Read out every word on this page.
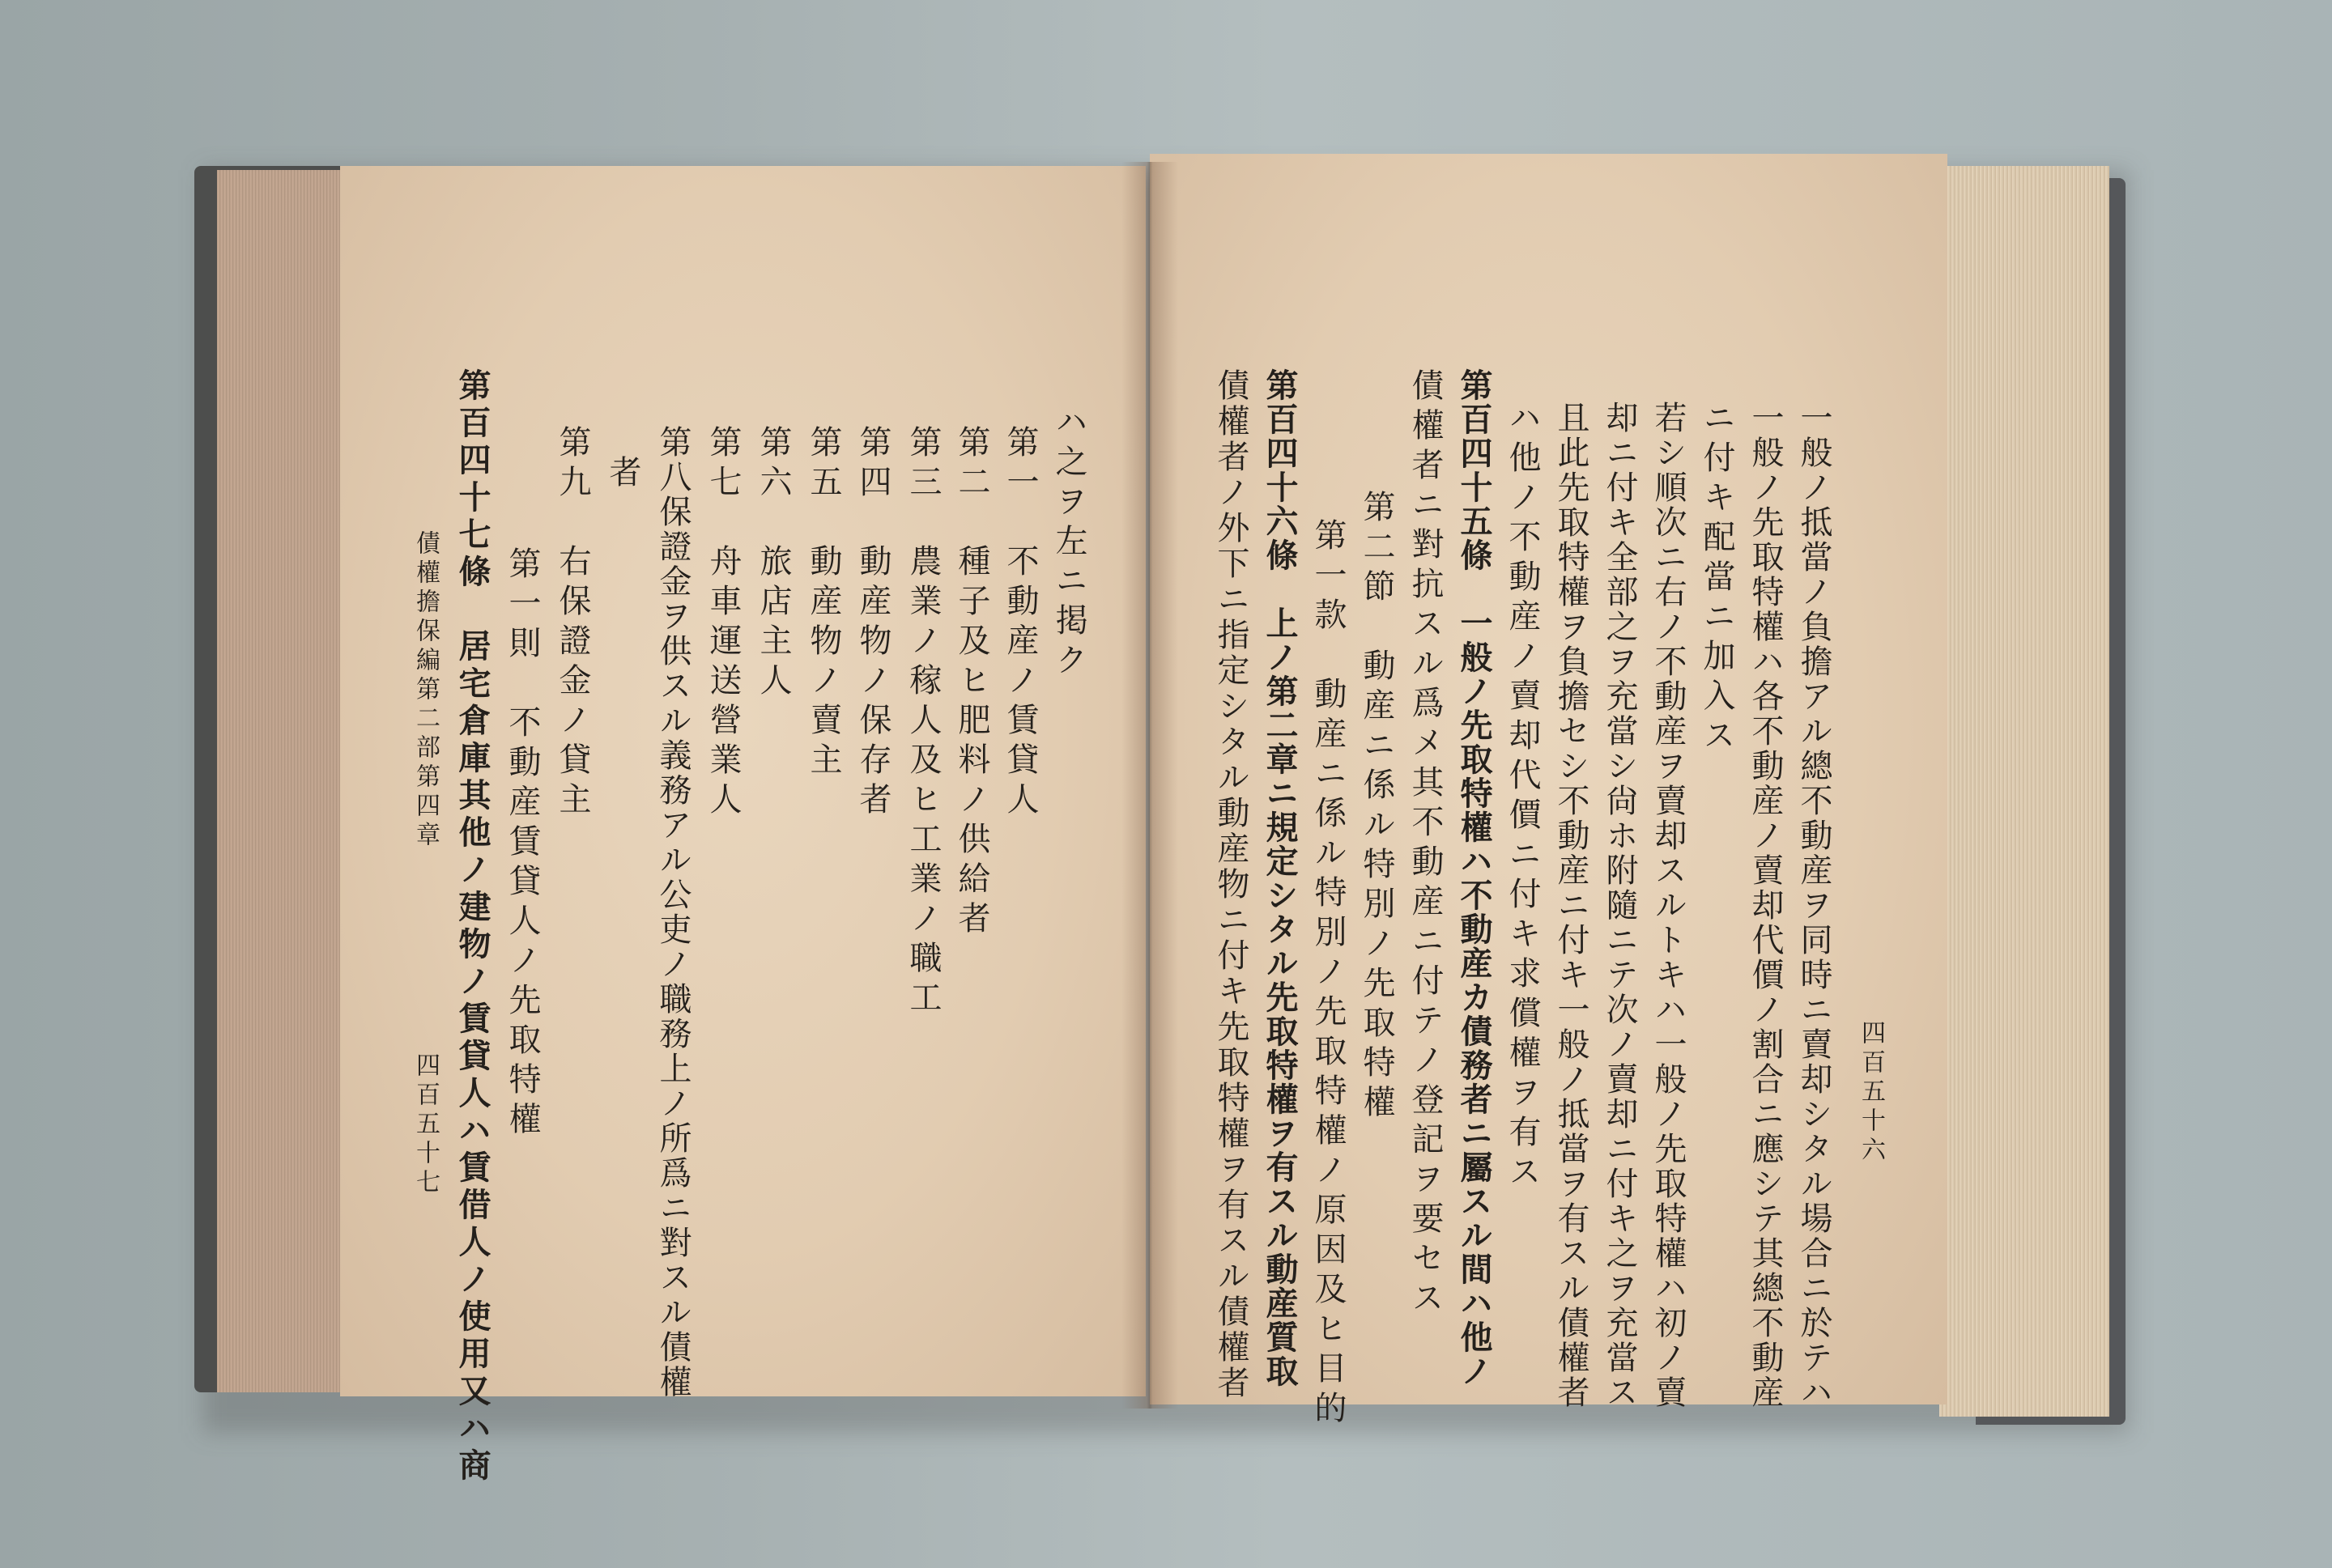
ハ之ヲ左ニ掲ク
第一　不動産ノ賃貸人
第二　種子及ヒ肥料ノ供給者
第三　農業ノ稼人及ヒ工業ノ職工
第四　動産物ノ保存者
第五　動産物ノ賣主
第六　旅店主人
第七　舟車運送營業人
第八保證金ヲ供スル義務アル公吏ノ職務上ノ所爲ニ對スル債權
者
第九　右保證金ノ貸主
第一則　不動産賃貸人ノ先取特權
第百四十七條　居宅倉庫其他ノ建物ノ賃貸人ハ賃借人ノ使用又ハ商
債權擔保編第二部第四章
四百五十七	四百五十六
一般ノ抵當ノ負擔アル總不動産ヲ同時ニ賣却シタル場合ニ於テハ
一般ノ先取特權ハ各不動産ノ賣却代價ノ割合ニ應シテ其總不動産
ニ付キ配當ニ加入ス
若シ順次ニ右ノ不動産ヲ賣却スルトキハ一般ノ先取特權ハ初ノ賣
却ニ付キ全部之ヲ充當シ尙ホ附隨ニテ次ノ賣却ニ付キ之ヲ充當ス
且此先取特權ヲ負擔セシ不動産ニ付キ一般ノ抵當ヲ有スル債權者
ハ他ノ不動産ノ賣却代價ニ付キ求償權ヲ有ス
第百四十五條　一般ノ先取特權ハ不動産カ債務者ニ屬スル間ハ他ノ
債權者ニ對抗スル爲メ其不動産ニ付テノ登記ヲ要セス
第二節　動産ニ係ル特別ノ先取特權
第一款　動産ニ係ル特別ノ先取特權ノ原因及ヒ目的
第百四十六條　上ノ第二章ニ規定シタル先取特權ヲ有スル動産質取
債權者ノ外下ニ指定シタル動産物ニ付キ先取特權ヲ有スル債權者
